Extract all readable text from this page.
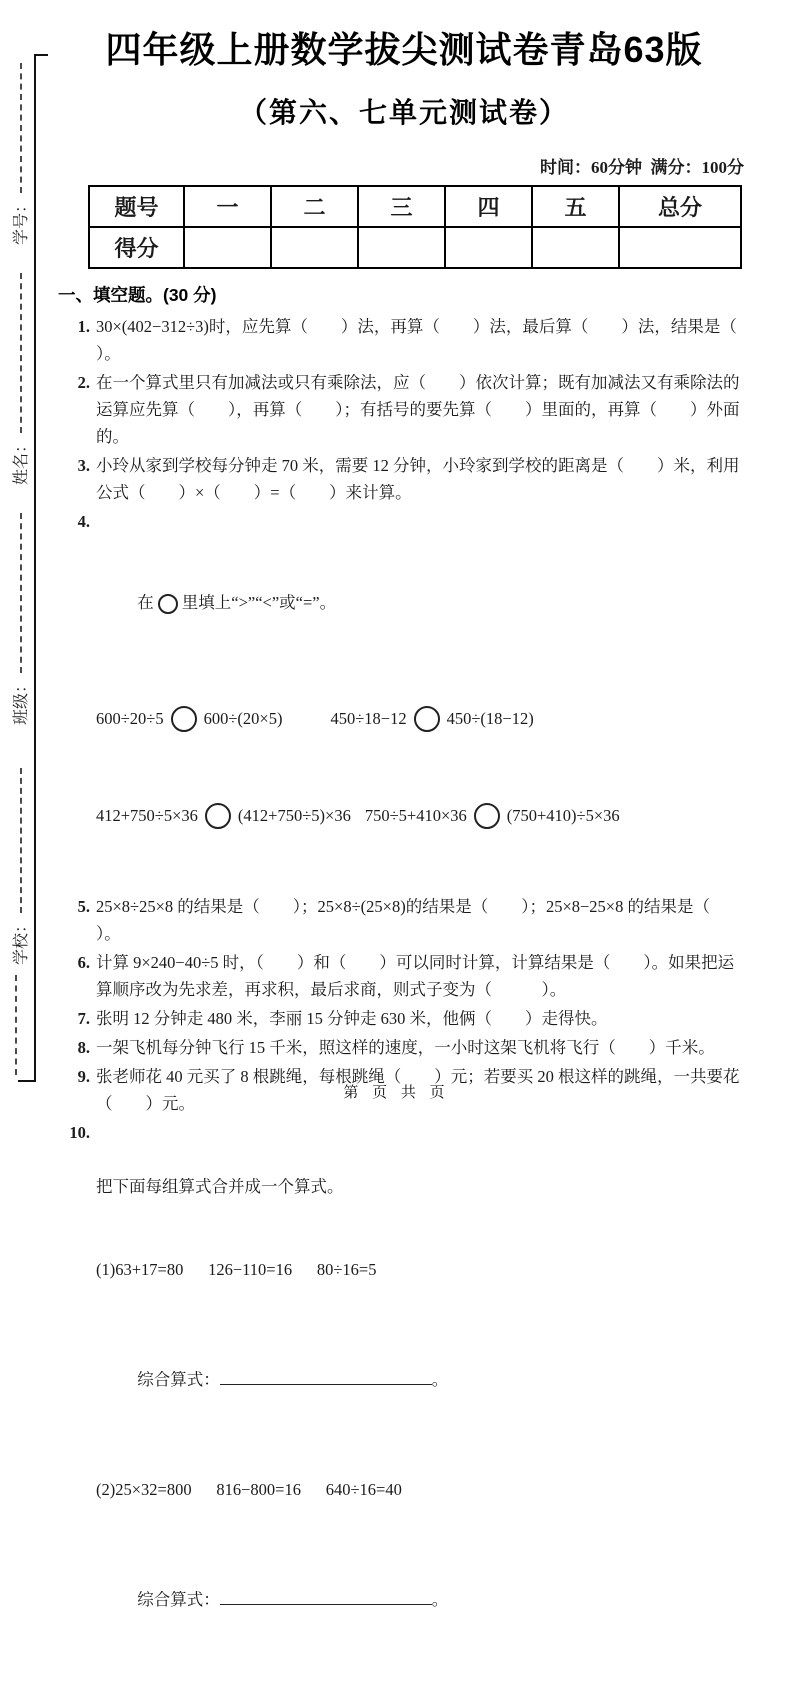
学号：
姓名：
班级：
学校：
四年级上册数学拔尖测试卷青岛63版
（第六、七单元测试卷）
时间：60分钟  满分：100分
题号	一	二	三	四	五	总分
得分						
一、填空题。(30 分)
1. 30×(402−312÷3)时，应先算（        ）法，再算（        ）法，最后算（        ）法，结果是（        ）。
2. 在一个算式里只有加减法或只有乘除法，应（        ）依次计算；既有加减法又有乘除法的运算应先算（        ），再算（        ）；有括号的要先算（        ）里面的，再算（        ）外面的。
3. 小玲从家到学校每分钟走 70 米，需要 12 分钟，小玲家到学校的距离是（        ）米，利用公式（        ）×（        ）=（        ）来计算。
4.

在 里填上“>”“<”或“=”。

600÷20÷5 600÷(20×5)	450÷18−12 450÷(18−12)

412+750÷5×36 (412+750÷5)×36 750÷5+410×36 (750+410)÷5×36

5. 25×8÷25×8 的结果是（        ）；25×8÷(25×8)的结果是（        ）；25×8−25×8 的结果是（        ）。
6. 计算 9×240−40÷5 时，（        ）和（        ）可以同时计算，计算结果是（        ）。如果把运算顺序改为先求差，再求积，最后求商，则式子变为（            ）。
7. 张明 12 分钟走 480 米，李丽 15 分钟走 630 米，他俩（        ）走得快。
8. 一架飞机每分钟飞行 15 千米，照这样的速度，一小时这架飞机将飞行（        ）千米。
9. 张老师花 40 元买了 8 根跳绳，每根跳绳（        ）元；若要买 20 根这样的跳绳，一共要花（        ）元。
10.

把下面每组算式合并成一个算式。

(1)63+17=80      126−110=16      80÷16=5

综合算式：	。

(2)25×32=800      816−800=16      640÷16=40

综合算式：	。

第 页 共 页
